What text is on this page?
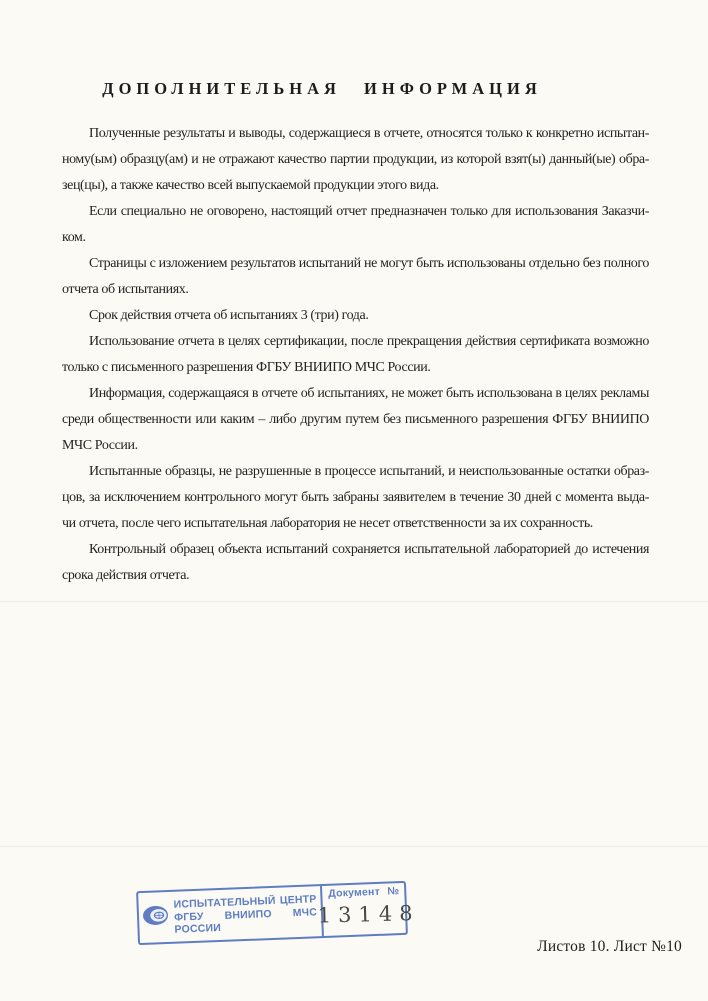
ДОПОЛНИТЕЛЬНАЯ ИНФОРМАЦИЯ
Полученные результаты и выводы, содержащиеся в отчете, относятся только к конкретно испытан-
ному(ым) образцу(ам) и не отражают качество партии продукции, из которой взят(ы) данный(ые) обра-
зец(цы), а также качество всей выпускаемой продукции этого вида.
Если специально не оговорено, настоящий отчет предназначен только для использования Заказчи-
ком.
Страницы с изложением результатов испытаний не могут быть использованы отдельно без полного
отчета об испытаниях.
Срок действия отчета об испытаниях 3 (три) года.
Использование отчета в целях сертификации, после прекращения действия сертификата возможно
только с письменного разрешения ФГБУ ВНИИПО МЧС России.
Информация, содержащаяся в отчете об испытаниях, не может быть использована в целях рекламы
среди общественности или каким – либо другим путем без письменного разрешения ФГБУ ВНИИПО
МЧС России.
Испытанные образцы, не разрушенные в процессе испытаний, и неиспользованные остатки образ-
цов, за исключением контрольного могут быть забраны заявителем в течение 30 дней с момента выда-
чи отчета, после чего испытательная лаборатория не несет ответственности за их сохранность.
Контрольный образец объекта испытаний сохраняется испытательной лабораторией до истечения
срока действия отчета.
ИСПЫТАТЕЛЬНЫЙ ЦЕНТР
ФГБУ ВНИИПО МЧС РОССИИ
Документ №
13148
Листов 10. Лист №10
